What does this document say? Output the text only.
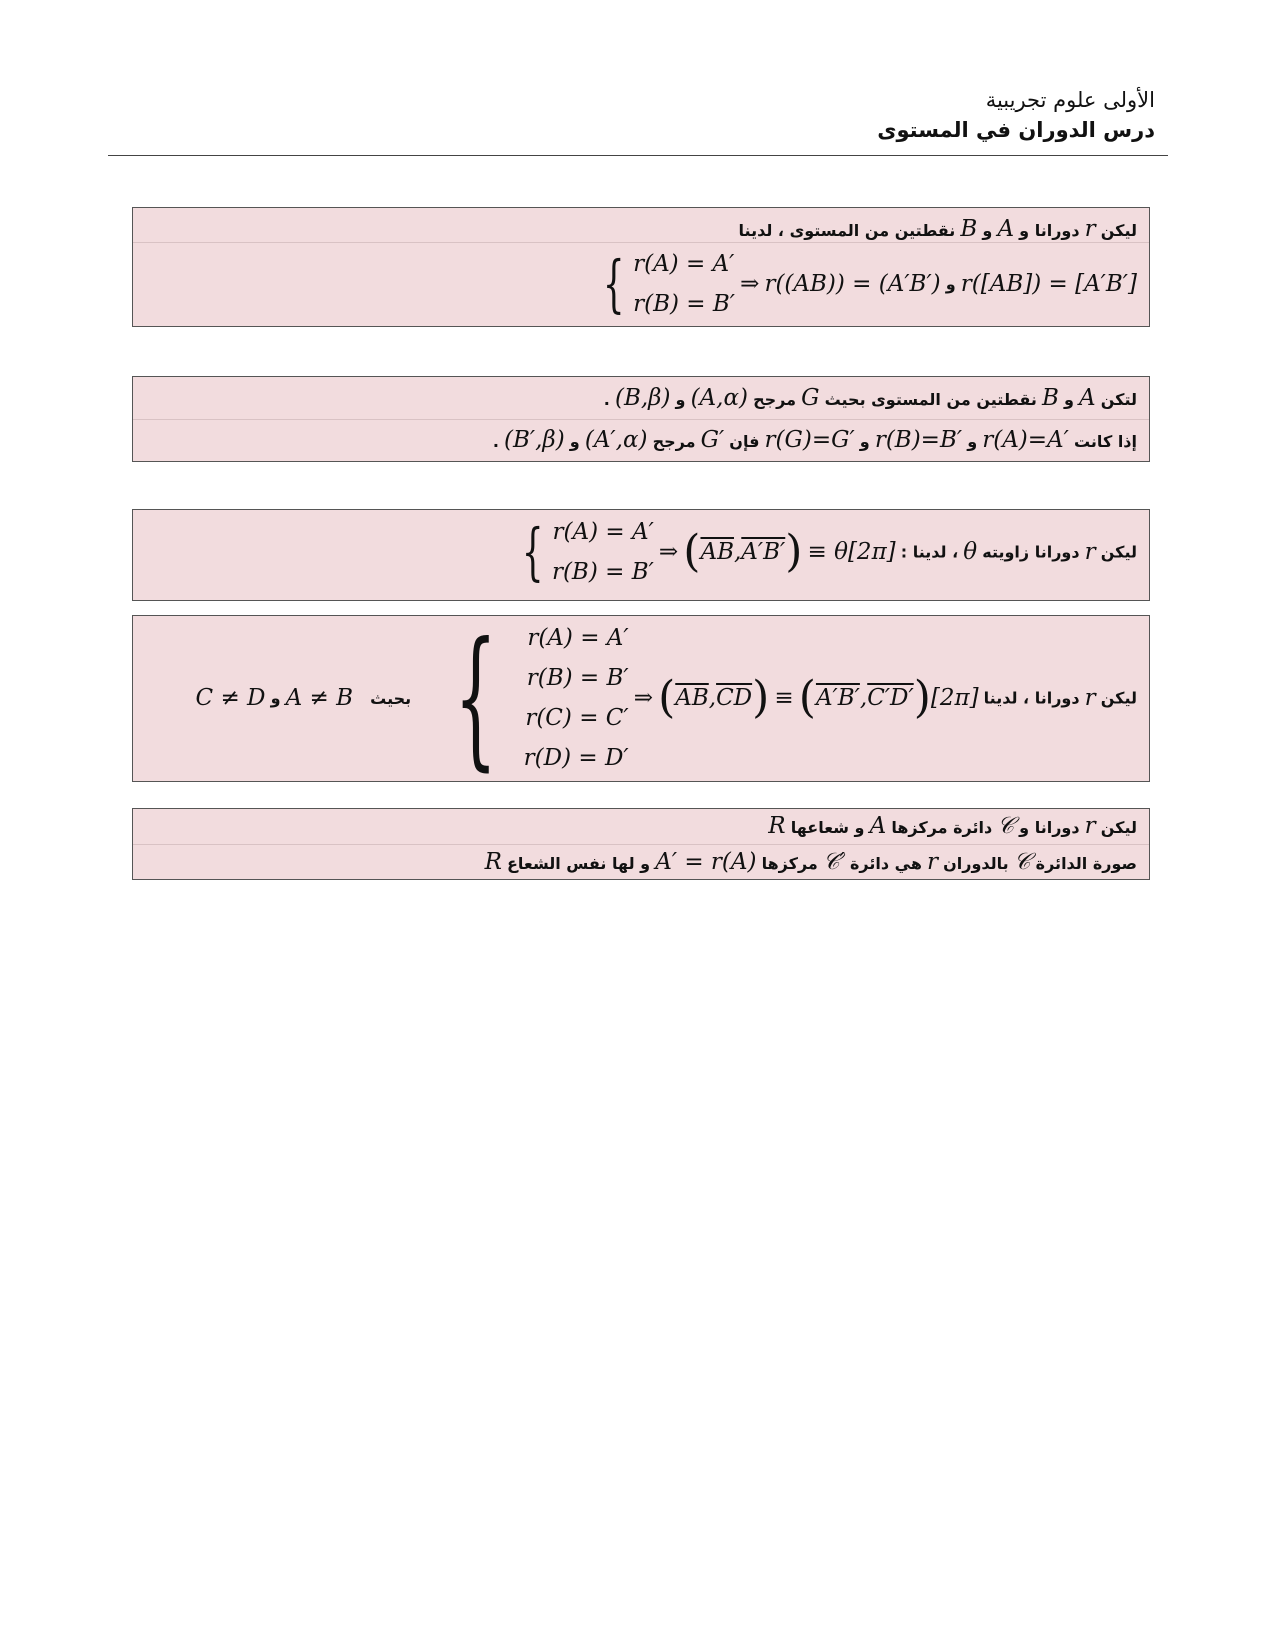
الأولى علوم تجريبية
درس الدوران في المستوى
ليكن r دورانا و A و B نقطتين من المستوى ، لدينا
{ r(A) = A′
r(B) = B′
⇒ r((AB)) = (A′B′) و r([AB]) = [A′B′]
لتكن A و B نقطتين من المستوى بحيث G مرجح (A,α) و (B,β) .
إذا كانت r(A)=A′ و r(B)=B′ و r(G)=G′ فإن G′ مرجح (A′,α) و (B′,β) .
ليكن r دورانا زاويته θ ، لدينا : { r(A) = A′
r(B) = B′
⇒ $(\overline{AB},A'B') \equiv \theta[2\pi]$
ليكن r دورانا ، لدينا { r(A) = A′
r(B) = B′
r(C) = C′
r(D) = D′
⇒ $(\overline{AB},\overline{CD}) \equiv (A'B',C'D')[2\pi]$ بحيث A ≠ B و C ≠ D
ليكن r دورانا و 𝒞 دائرة مركزها A و شعاعها R
صورة الدائرة 𝒞 بالدوران r هي دائرة 𝒞′ مركزها A′ = r(A) و لها نفس الشعاع R
